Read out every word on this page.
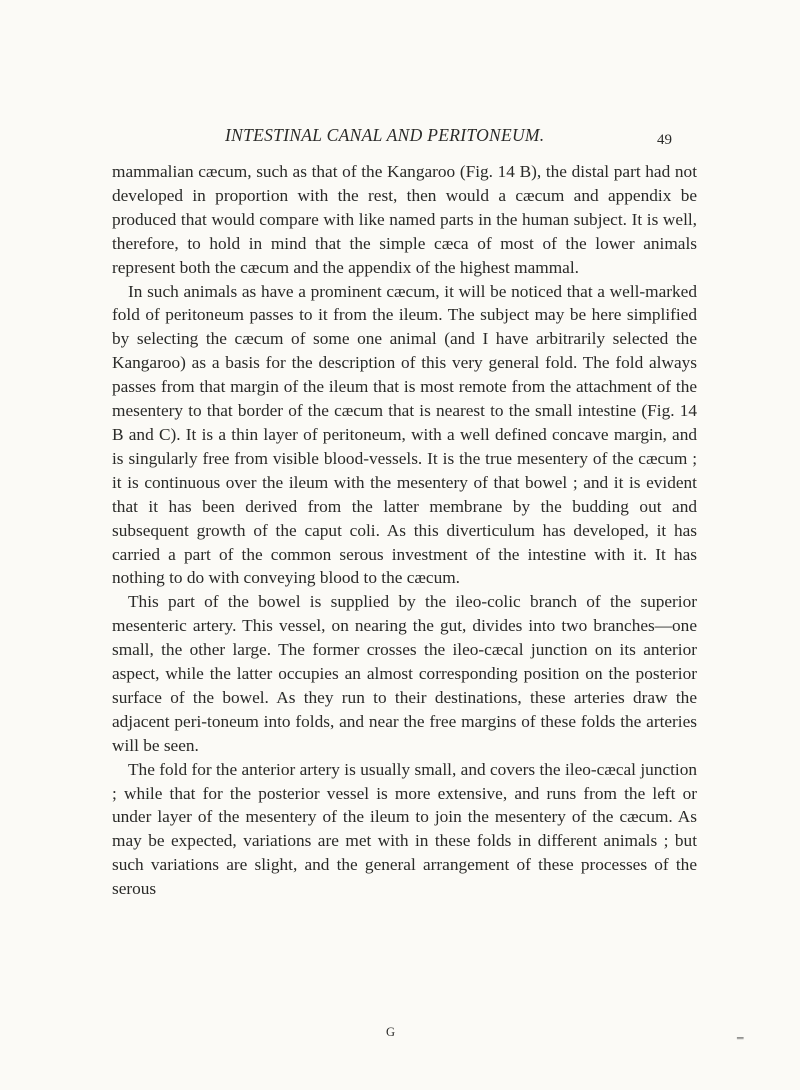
INTESTINAL CANAL AND PERITONEUM.	49

mammalian cæcum, such as that of the Kangaroo (Fig. 14 B), the distal part had not developed in proportion with the rest, then would a cæcum and appendix be produced that would compare with like named parts in the human subject. It is well, therefore, to hold in mind that the simple cæca of most of the lower animals represent both the cæcum and the appendix of the highest mammal.

In such animals as have a prominent cæcum, it will be noticed that a well-marked fold of peritoneum passes to it from the ileum. The subject may be here simplified by selecting the cæcum of some one animal (and I have arbitrarily selected the Kangaroo) as a basis for the description of this very general fold. The fold always passes from that margin of the ileum that is most remote from the attachment of the mesentery to that border of the cæcum that is nearest to the small intestine (Fig. 14 B and C). It is a thin layer of peritoneum, with a well defined concave margin, and is singularly free from visible blood-vessels. It is the true mesentery of the cæcum ; it is continuous over the ileum with the mesentery of that bowel ; and it is evident that it has been derived from the latter membrane by the budding out and subsequent growth of the caput coli. As this diverticulum has developed, it has carried a part of the common serous investment of the intestine with it. It has nothing to do with conveying blood to the cæcum.

This part of the bowel is supplied by the ileo-colic branch of the superior mesenteric artery. This vessel, on nearing the gut, divides into two branches—one small, the other large. The former crosses the ileo-cæcal junction on its anterior aspect, while the latter occupies an almost corresponding position on the posterior surface of the bowel. As they run to their destinations, these arteries draw the adjacent peri-toneum into folds, and near the free margins of these folds the arteries will be seen.

The fold for the anterior artery is usually small, and covers the ileo-cæcal junction ; while that for the posterior vessel is more extensive, and runs from the left or under layer of the mesentery of the ileum to join the mesentery of the cæcum. As may be expected, variations are met with in these folds in different animals ; but such variations are slight, and the general arrangement of these processes of the serous

G	‗
